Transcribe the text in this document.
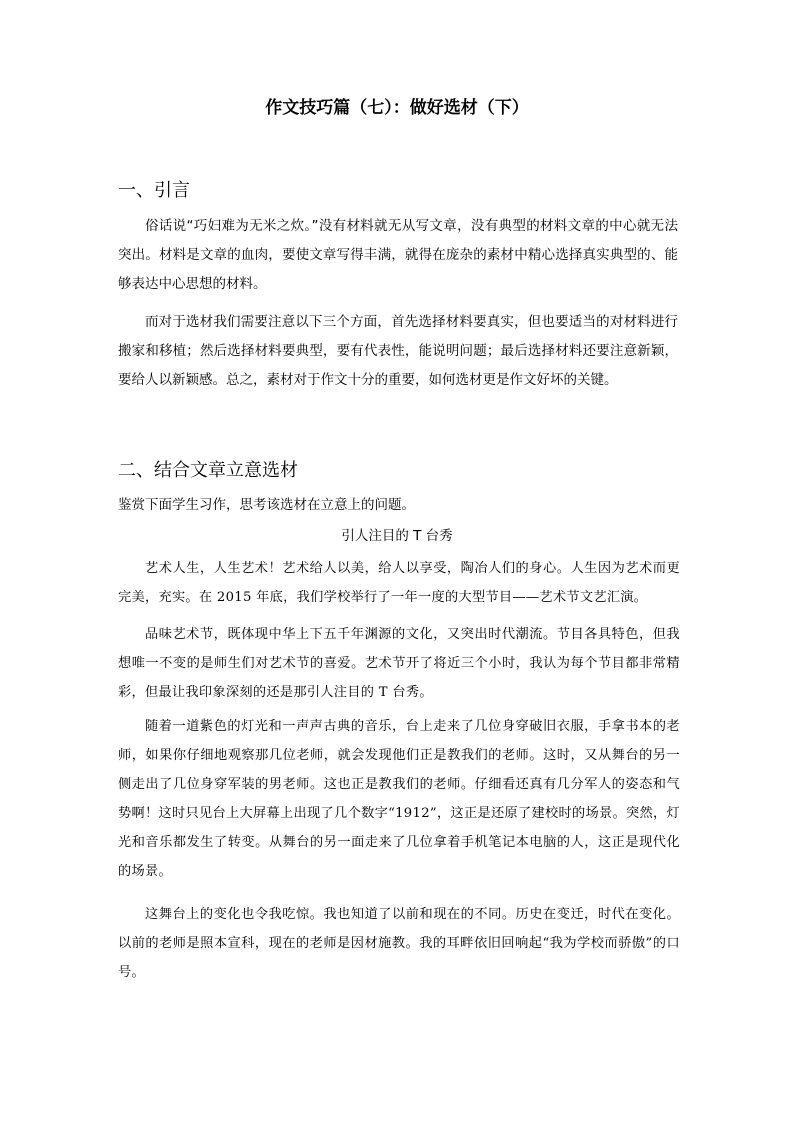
作文技巧篇（七）：做好选材（下）
一、引言
俗话说“巧妇难为无米之炊。”没有材料就无从写文章，没有典型的材料文章的中心就无法突出。材料是文章的血肉，要使文章写得丰满，就得在庞杂的素材中精心选择真实典型的、能够表达中心思想的材料。
而对于选材我们需要注意以下三个方面，首先选择材料要真实，但也要适当的对材料进行搬家和移植；然后选择材料要典型，要有代表性，能说明问题；最后选择材料还要注意新颖，要给人以新颖感。总之，素材对于作文十分的重要，如何选材更是作文好坏的关键。
二、结合文章立意选材
鉴赏下面学生习作，思考该选材在立意上的问题。
引人注目的 T 台秀
艺术人生，人生艺术！艺术给人以美，给人以享受，陶冶人们的身心。人生因为艺术而更完美，充实。在 2015 年底，我们学校举行了一年一度的大型节目——艺术节文艺汇演。
品味艺术节，既体现中华上下五千年渊源的文化，又突出时代潮流。节目各具特色，但我想唯一不变的是师生们对艺术节的喜爱。艺术节开了将近三个小时，我认为每个节目都非常精彩，但最让我印象深刻的还是那引人注目的 T 台秀。
随着一道紫色的灯光和一声声古典的音乐，台上走来了几位身穿破旧衣服，手拿书本的老师，如果你仔细地观察那几位老师，就会发现他们正是教我们的老师。这时，又从舞台的另一侧走出了几位身穿军装的男老师。这也正是教我们的老师。仔细看还真有几分军人的姿态和气势啊！这时只见台上大屏幕上出现了几个数字“1912”，这正是还原了建校时的场景。突然，灯光和音乐都发生了转变。从舞台的另一面走来了几位拿着手机笔记本电脑的人，这正是现代化的场景。
这舞台上的变化也令我吃惊。我也知道了以前和现在的不同。历史在变迁，时代在变化。以前的老师是照本宣科，现在的老师是因材施教。我的耳畔依旧回响起“我为学校而骄傲”的口号。
